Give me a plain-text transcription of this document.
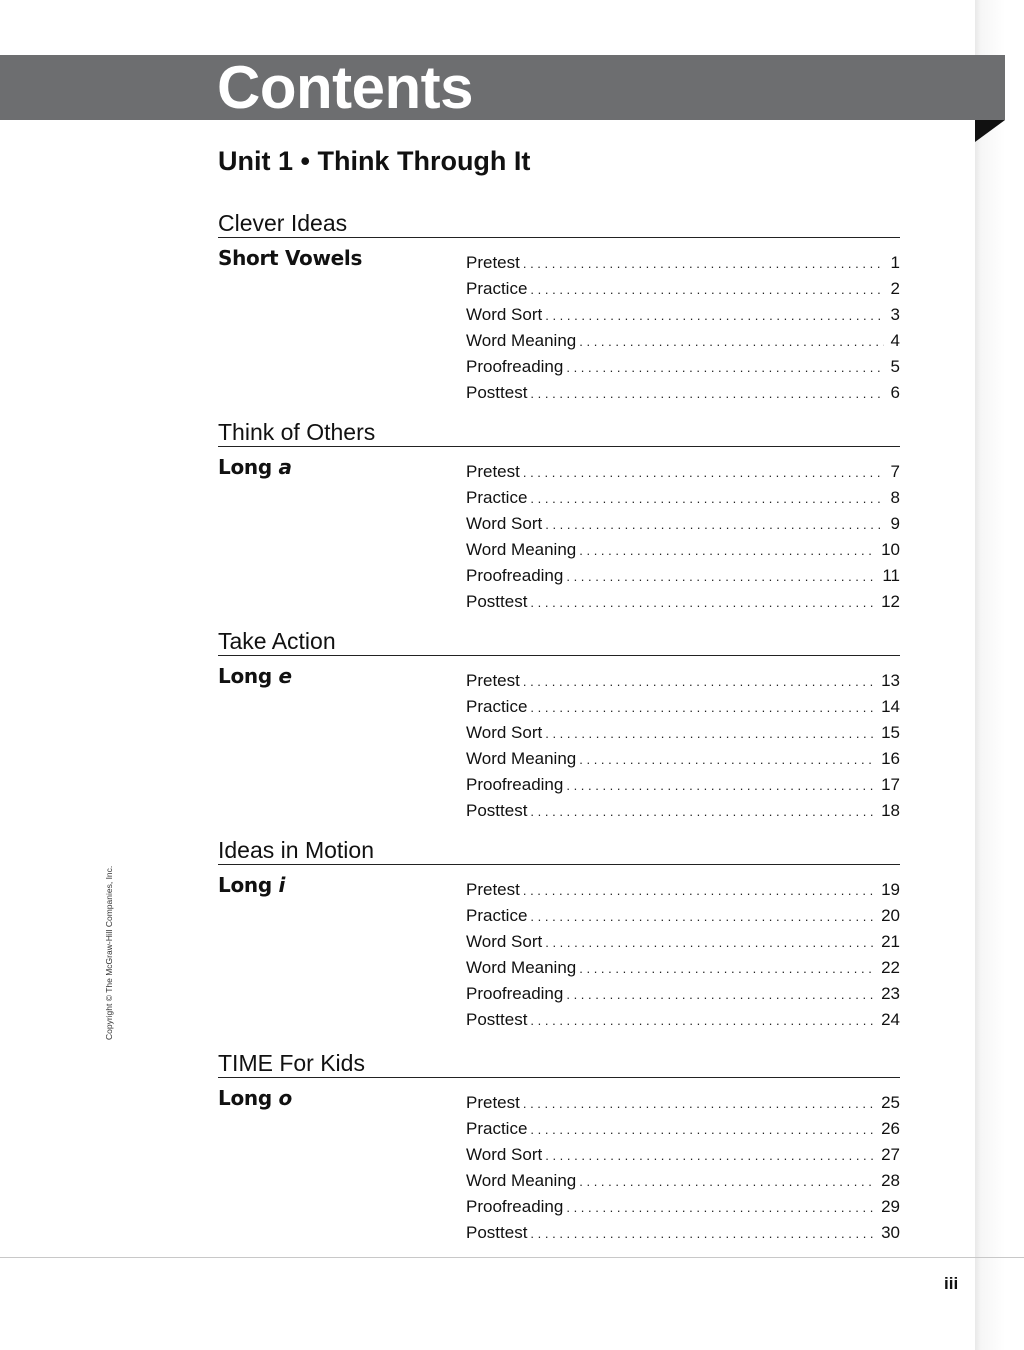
Contents
Unit 1 • Think Through It
Copyright © The McGraw-Hill Companies, Inc.
Clever Ideas
Short Vowels	Pretest . . .	1
Practice . . .	2
Word Sort . . .	3
Word Meaning . . .	4
Proofreading . . .	5
Posttest . . .	6
Think of Others
Long a	Pretest . . .	7
Practice . . .	8
Word Sort . . .	9
Word Meaning . . .	10
Proofreading . . .	11
Posttest . . .	12
Take Action
Long e	Pretest . . .	13
Practice . . .	14
Word Sort . . .	15
Word Meaning . . .	16
Proofreading . . .	17
Posttest . . .	18
Ideas in Motion
Long i	Pretest . . .	19
Practice . . .	20
Word Sort . . .	21
Word Meaning . . .	22
Proofreading . . .	23
Posttest . . .	24
TIME For Kids
Long o	Pretest . . .	25
Practice . . .	26
Word Sort . . .	27
Word Meaning . . .	28
Proofreading . . .	29
Posttest . . .	30
iii
